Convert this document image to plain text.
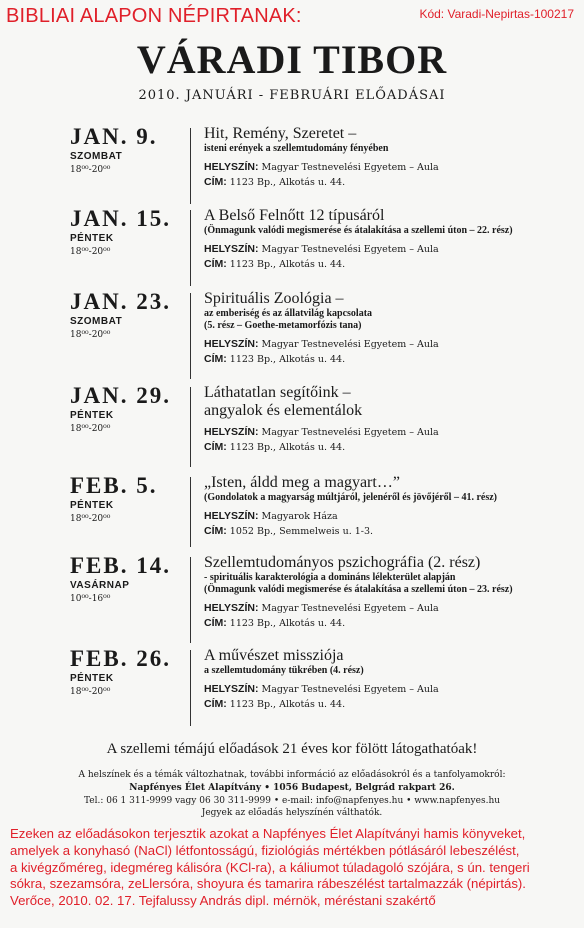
BIBLIAI ALAPON NÉPIRTANAK:	Kód: Varadi-Nepirtas-100217
VÁRADI TIBOR
2010. JANUÁRI - FEBRUÁRI ELŐADÁSAI
JAN. 9.
SZOMBAT
18⁰⁰-20⁰⁰
Hit, Remény, Szeretet –
isteni erények a szellemtudomány fényében
HELYSZÍN: Magyar Testnevelési Egyetem – Aula
CÍM: 1123 Bp., Alkotás u. 44.
JAN. 15.
PÉNTEK
18⁰⁰-20⁰⁰
A Belső Felnőtt 12 típusáról
(Önmagunk valódi megismerése és átalakítása a szellemi úton – 22. rész)
HELYSZÍN: Magyar Testnevelési Egyetem – Aula
CÍM: 1123 Bp., Alkotás u. 44.
JAN. 23.
SZOMBAT
18⁰⁰-20⁰⁰
Spirituális Zoológia –
az emberiség és az állatvilág kapcsolata
(5. rész – Goethe-metamorfózis tana)
HELYSZÍN: Magyar Testnevelési Egyetem – Aula
CÍM: 1123 Bp., Alkotás u. 44.
JAN. 29.
PÉNTEK
18⁰⁰-20⁰⁰
Láthatatlan segítőink –
angyalok és elementálok
HELYSZÍN: Magyar Testnevelési Egyetem – Aula
CÍM: 1123 Bp., Alkotás u. 44.
FEB. 5.
PÉNTEK
18⁰⁰-20⁰⁰
„Isten, áldd meg a magyart…”
(Gondolatok a magyarság múltjáról, jelenéről és jövőjéről – 41. rész)
HELYSZÍN: Magyarok Háza
CÍM: 1052 Bp., Semmelweis u. 1-3.
FEB. 14.
VASÁRNAP
10⁰⁰-16⁰⁰
Szellemtudományos pszichográfia (2. rész)
- spirituális karakterológia a domináns lélekterület alapján
(Önmagunk valódi megismerése és átalakítása a szellemi úton – 23. rész)
HELYSZÍN: Magyar Testnevelési Egyetem – Aula
CÍM: 1123 Bp., Alkotás u. 44.
FEB. 26.
PÉNTEK
18⁰⁰-20⁰⁰
A művészet missziója
a szellemtudomány tükrében (4. rész)
HELYSZÍN: Magyar Testnevelési Egyetem – Aula
CÍM: 1123 Bp., Alkotás u. 44.
A szellemi témájú előadások 21 éves kor fölött látogathatóak!
A helszínek és a témák változhatnak, további információ az előadásokról és a tanfolyamokról:
Napfényes Élet Alapítvány • 1056 Budapest, Belgrád rakpart 26.
Tel.: 06 1 311-9999 vagy 06 30 311-9999 • e-mail: info@napfenyes.hu • www.napfenyes.hu
Jegyek az előadás helyszínén válthatók.
Ezeken az előadásokon terjesztik azokat a Napfényes Élet Alapítványi hamis könyveket,
amelyek a konyhasó (NaCl) létfontosságú, fiziológiás mértékben pótlásáról lebeszélést,
a kivégzőméreg, idegméreg kálisóra (KCl-ra), a káliumot túladagoló szójára, s ún. tengeri
sókra, szezamsóra, zeLlersóra, shoyura és tamarira rábeszélést tartalmazzák (népirtás).
Verőce, 2010. 02. 17. Tejfalussy András dipl. mérnök, méréstani szakértő
